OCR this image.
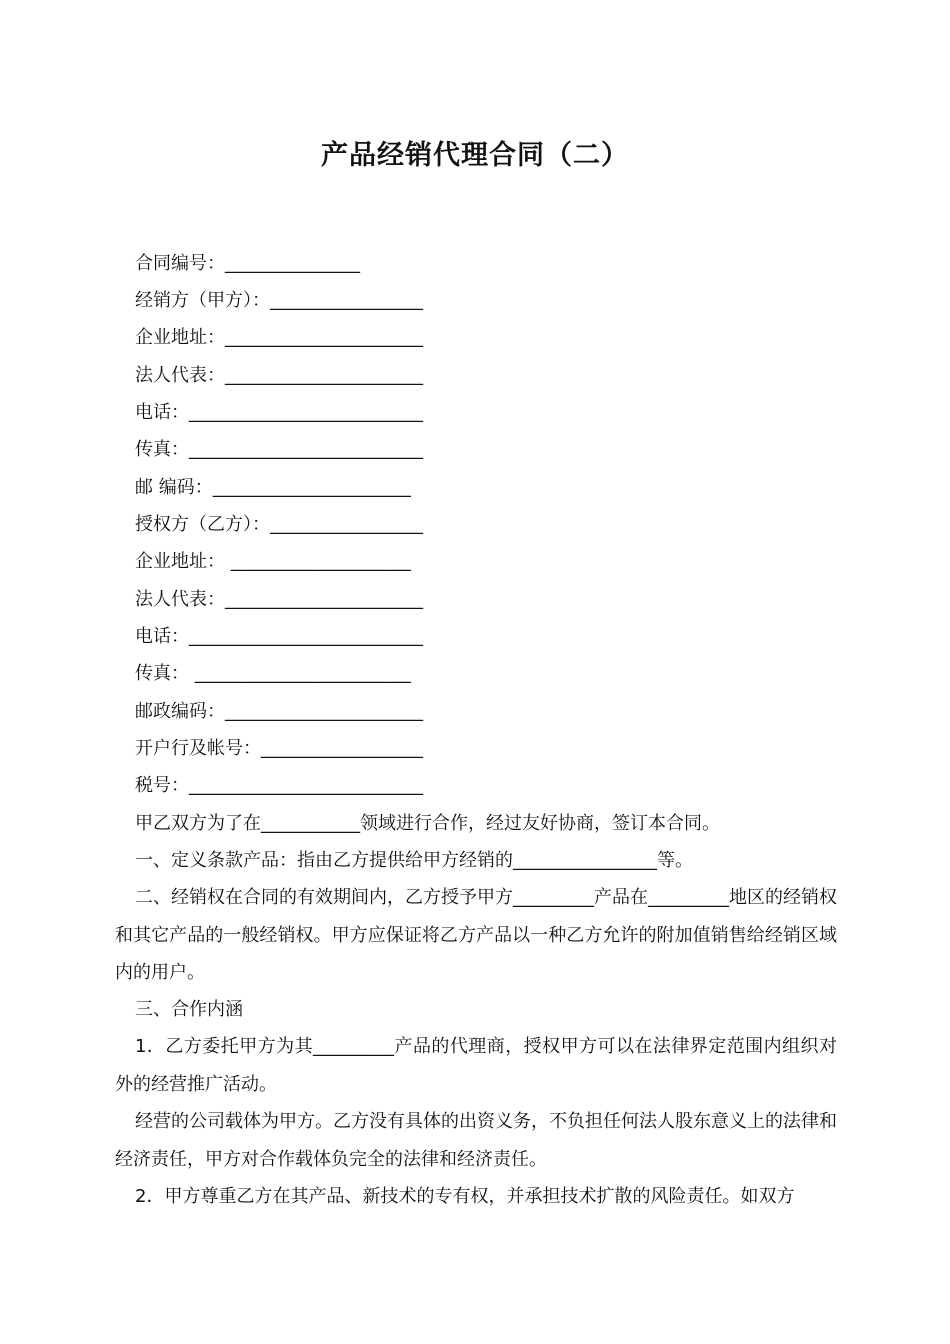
产品经销代理合同（二）
合同编号：_______________
经销方（甲方）：_________________
企业地址：______________________
法人代表：______________________
电话：__________________________
传真：__________________________
邮 编码：______________________
授权方（乙方）：_________________
企业地址： ____________________
法人代表：______________________
电话：__________________________
传真： ________________________
邮政编码：______________________
开户行及帐号：__________________
税号：__________________________
甲乙双方为了在___________领域进行合作，经过友好协商，签订本合同。
一、定义条款产品：指由乙方提供给甲方经销的________________等。
二、经销权在合同的有效期间内，乙方授予甲方_________产品在_________地区的经销权和其它产品的一般经销权。甲方应保证将乙方产品以一种乙方允许的附加值销售给经销区域内的用户。
三、合作内涵
1．乙方委托甲方为其_________产品的代理商，授权甲方可以在法律界定范围内组织对外的经营推广活动。
经营的公司载体为甲方。乙方没有具体的出资义务，不负担任何法人股东意义上的法律和经济责任，甲方对合作载体负完全的法律和经济责任。
2．甲方尊重乙方在其产品、新技术的专有权，并承担技术扩散的风险责任。如双方
